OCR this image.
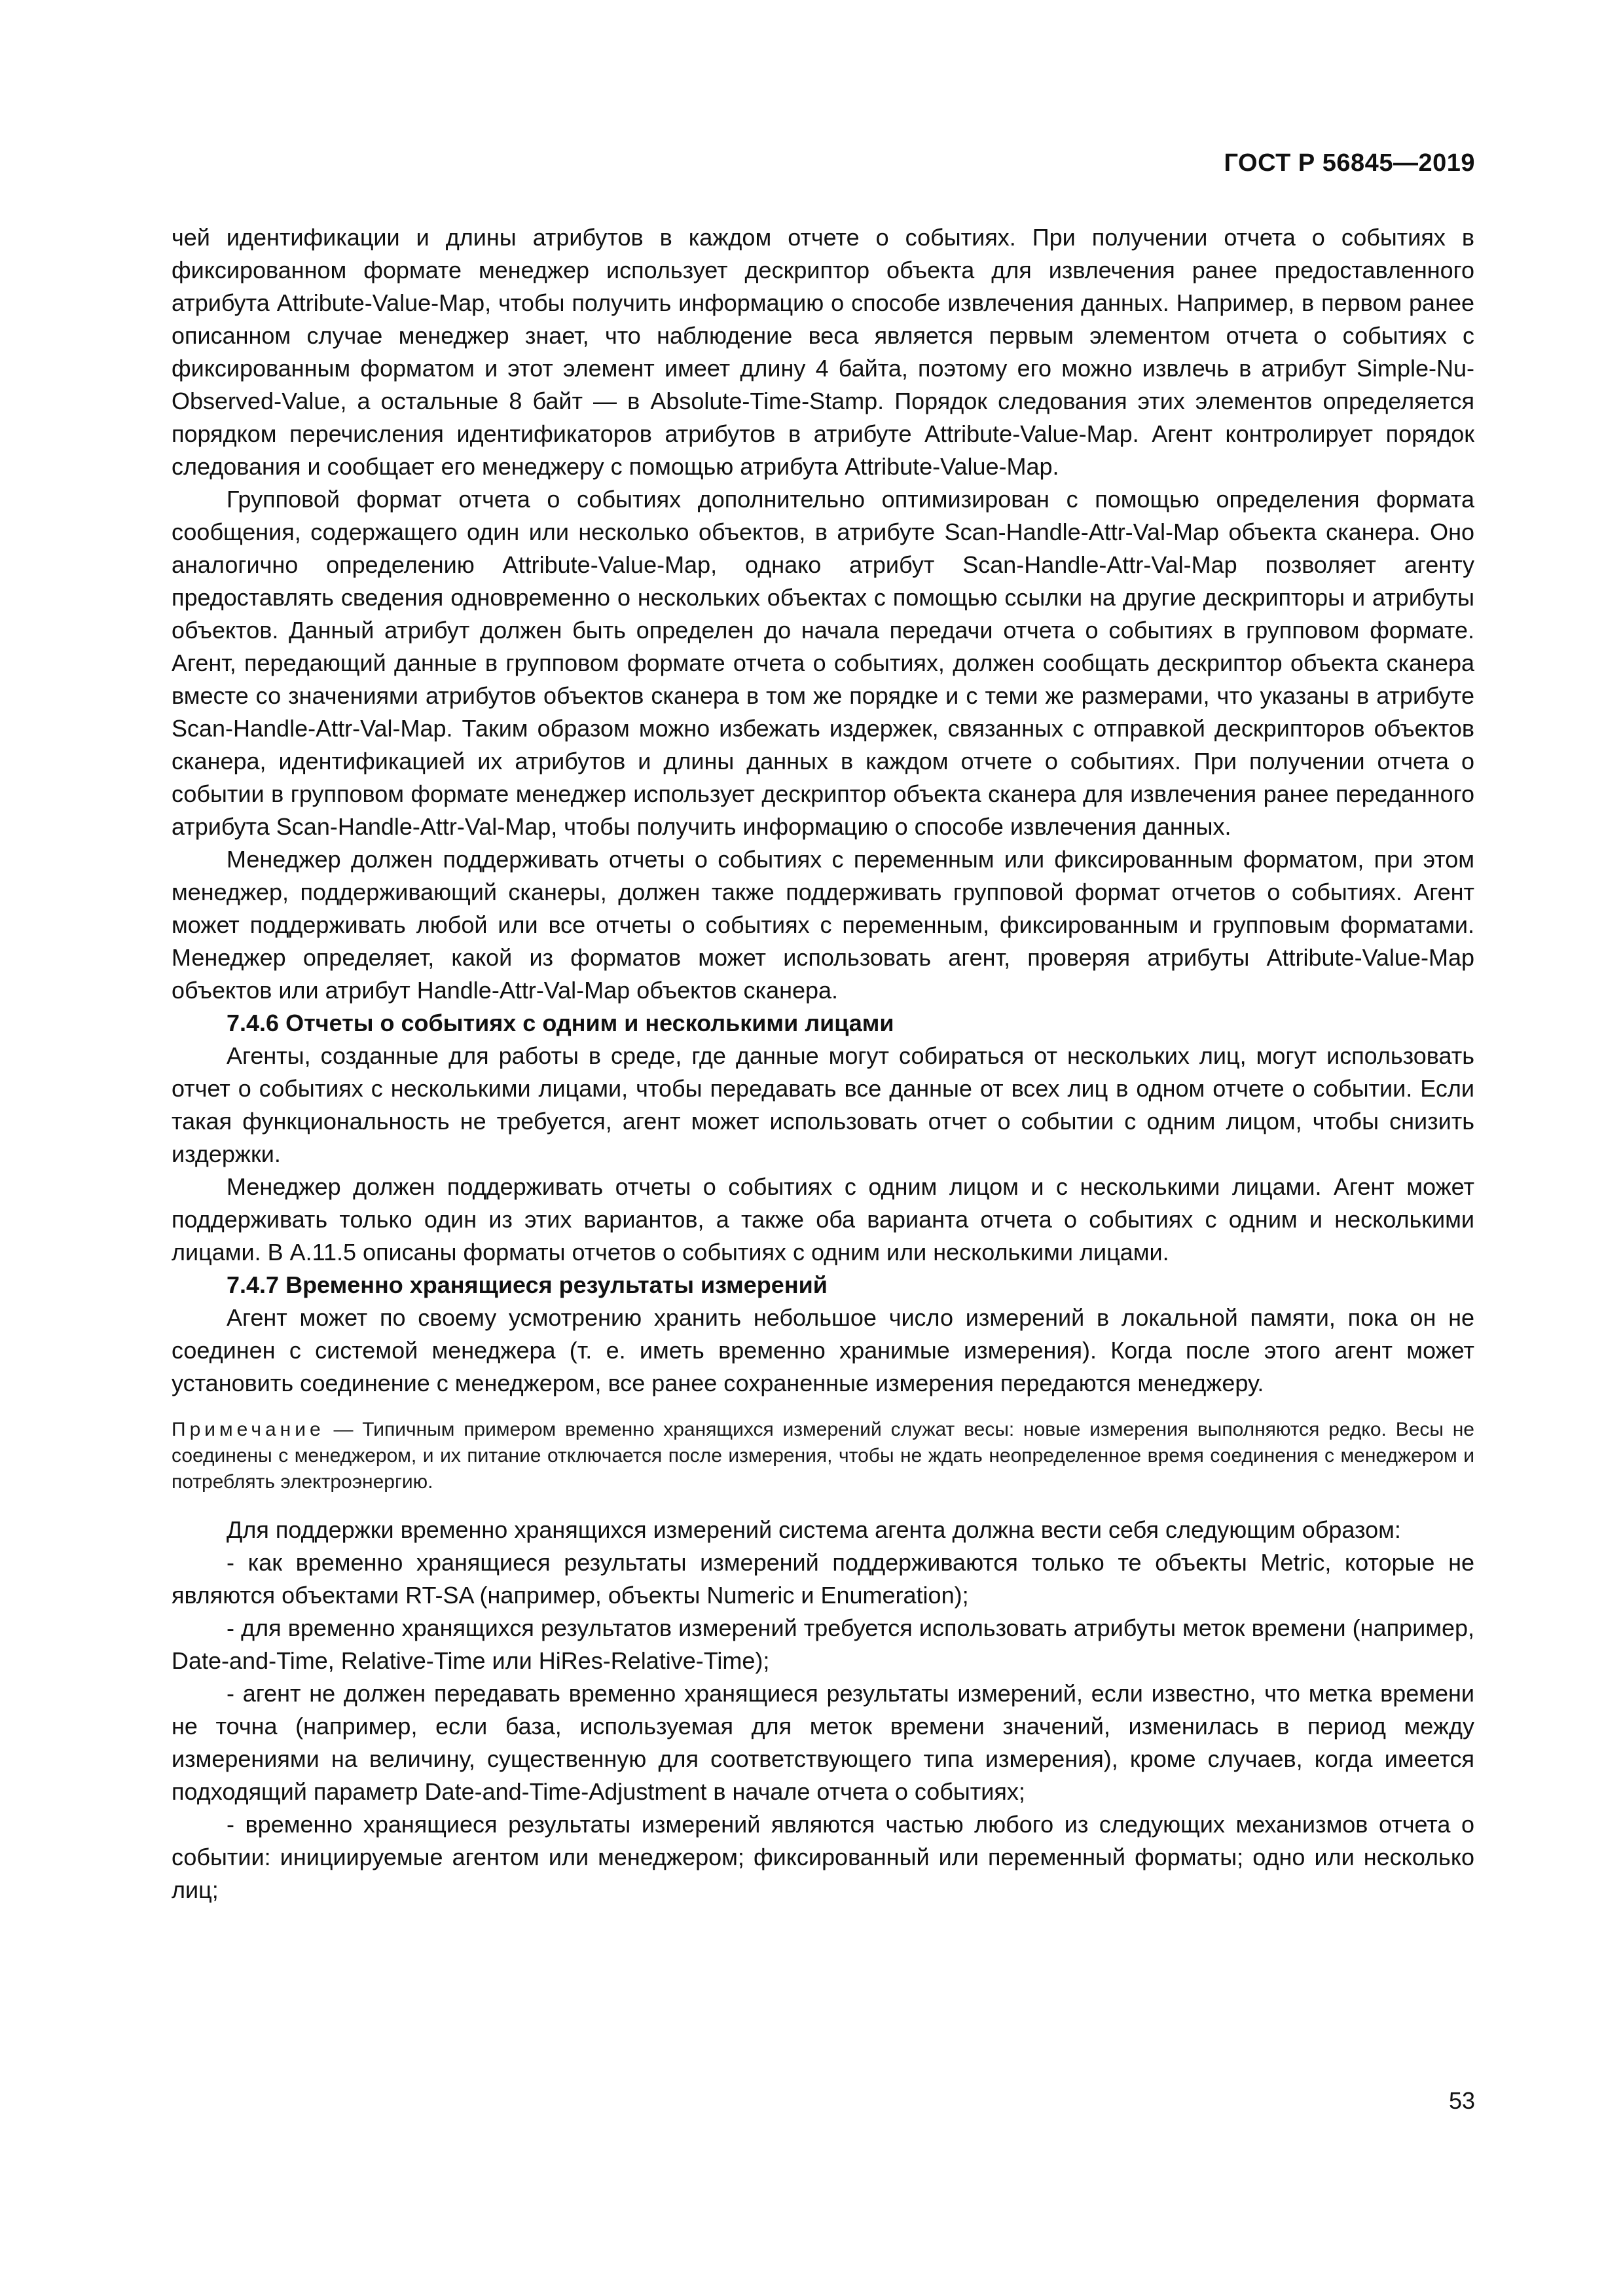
ГОСТ Р 56845—2019

чей идентификации и длины атрибутов в каждом отчете о событиях. При получении отчета о событиях в фиксированном формате менеджер использует дескриптор объекта для извлечения ранее предоставленного атрибута Attribute-Value-Map, чтобы получить информацию о способе извлечения данных. Например, в первом ранее описанном случае менеджер знает, что наблюдение веса является первым элементом отчета о событиях с фиксированным форматом и этот элемент имеет длину 4 байта, поэтому его можно извлечь в атрибут Simple-Nu-Observed-Value, а остальные 8 байт — в Absolute-Time-Stamp. Порядок следования этих элементов определяется порядком перечисления идентификаторов атрибутов в атрибуте Attribute-Value-Map. Агент контролирует порядок следования и сообщает его менеджеру с помощью атрибута Attribute-Value-Map.

Групповой формат отчета о событиях дополнительно оптимизирован с помощью определения формата сообщения, содержащего один или несколько объектов, в атрибуте Scan-Handle-Attr-Val-Map объекта сканера. Оно аналогично определению Attribute-Value-Map, однако атрибут Scan-Handle-Attr-Val-Map позволяет агенту предоставлять сведения одновременно о нескольких объектах с помощью ссылки на другие дескрипторы и атрибуты объектов. Данный атрибут должен быть определен до начала передачи отчета о событиях в групповом формате. Агент, передающий данные в групповом формате отчета о событиях, должен сообщать дескриптор объекта сканера вместе со значениями атрибутов объектов сканера в том же порядке и с теми же размерами, что указаны в атрибуте Scan-Handle-Attr-Val-Map. Таким образом можно избежать издержек, связанных с отправкой дескрипторов объектов сканера, идентификацией их атрибутов и длины данных в каждом отчете о событиях. При получении отчета о событии в групповом формате менеджер использует дескриптор объекта сканера для извлечения ранее переданного атрибута Scan-Handle-Attr-Val-Map, чтобы получить информацию о способе извлечения данных.

Менеджер должен поддерживать отчеты о событиях с переменным или фиксированным форматом, при этом менеджер, поддерживающий сканеры, должен также поддерживать групповой формат отчетов о событиях. Агент может поддерживать любой или все отчеты о событиях с переменным, фиксированным и групповым форматами. Менеджер определяет, какой из форматов может использовать агент, проверяя атрибуты Attribute-Value-Map объектов или атрибут Handle-Attr-Val-Map объектов сканера.

7.4.6 Отчеты о событиях с одним и несколькими лицами

Агенты, созданные для работы в среде, где данные могут собираться от нескольких лиц, могут использовать отчет о событиях с несколькими лицами, чтобы передавать все данные от всех лиц в одном отчете о событии. Если такая функциональность не требуется, агент может использовать отчет о событии с одним лицом, чтобы снизить издержки.

Менеджер должен поддерживать отчеты о событиях с одним лицом и с несколькими лицами. Агент может поддерживать только один из этих вариантов, а также оба варианта отчета о событиях с одним и несколькими лицами. В А.11.5 описаны форматы отчетов о событиях с одним или несколькими лицами.

7.4.7 Временно хранящиеся результаты измерений

Агент может по своему усмотрению хранить небольшое число измерений в локальной памяти, пока он не соединен с системой менеджера (т. е. иметь временно хранимые измерения). Когда после этого агент может установить соединение с менеджером, все ранее сохраненные измерения передаются менеджеру.

Примечание — Типичным примером временно хранящихся измерений служат весы: новые измерения выполняются редко. Весы не соединены с менеджером, и их питание отключается после измерения, чтобы не ждать неопределенное время соединения с менеджером и потреблять электроэнергию.

Для поддержки временно хранящихся измерений система агента должна вести себя следующим образом:

- как временно хранящиеся результаты измерений поддерживаются только те объекты Metric, которые не являются объектами RT-SA (например, объекты Numeric и Enumeration);

- для временно хранящихся результатов измерений требуется использовать атрибуты меток времени (например, Date-and-Time, Relative-Time или HiRes-Relative-Time);

- агент не должен передавать временно хранящиеся результаты измерений, если известно, что метка времени не точна (например, если база, используемая для меток времени значений, изменилась в период между измерениями на величину, существенную для соответствующего типа измерения), кроме случаев, когда имеется подходящий параметр Date-and-Time-Adjustment в начале отчета о событиях;

- временно хранящиеся результаты измерений являются частью любого из следующих механизмов отчета о событии: инициируемые агентом или менеджером; фиксированный или переменный форматы; одно или несколько лиц;

53
